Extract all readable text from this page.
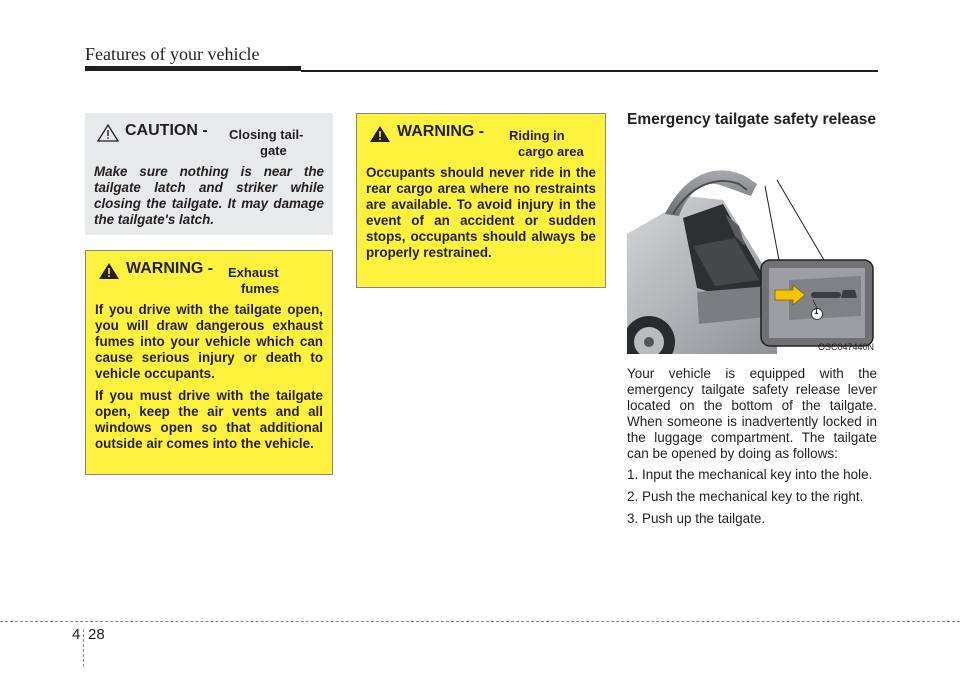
Features of your vehicle
CAUTION - Closing tail-
gate

Make sure nothing is near the tailgate latch and striker while closing the tailgate. It may damage the tailgate's latch.

WARNING - Exhaust
fumes

If you drive with the tailgate open, you will draw dangerous exhaust fumes into your vehicle which can cause serious injury or death to vehicle occupants.

If you must drive with the tailgate open, keep the air vents and all windows open so that additional outside air comes into the vehicle.

WARNING - Riding in
cargo area

Occupants should never ride in the rear cargo area where no restraints are available. To avoid injury in the event of an accident or sudden stops, occupants should always be properly restrained.

Emergency tailgate safety release
1
OSC047440N

Your vehicle is equipped with the emergency tailgate safety release lever located on the bottom of the tailgate. When someone is inadvertently locked in the luggage compartment. The tailgate can be opened by doing as follows:

1. Input the mechanical key into the hole.

2. Push the mechanical key to the right.

3. Push up the tailgate.

4 28
